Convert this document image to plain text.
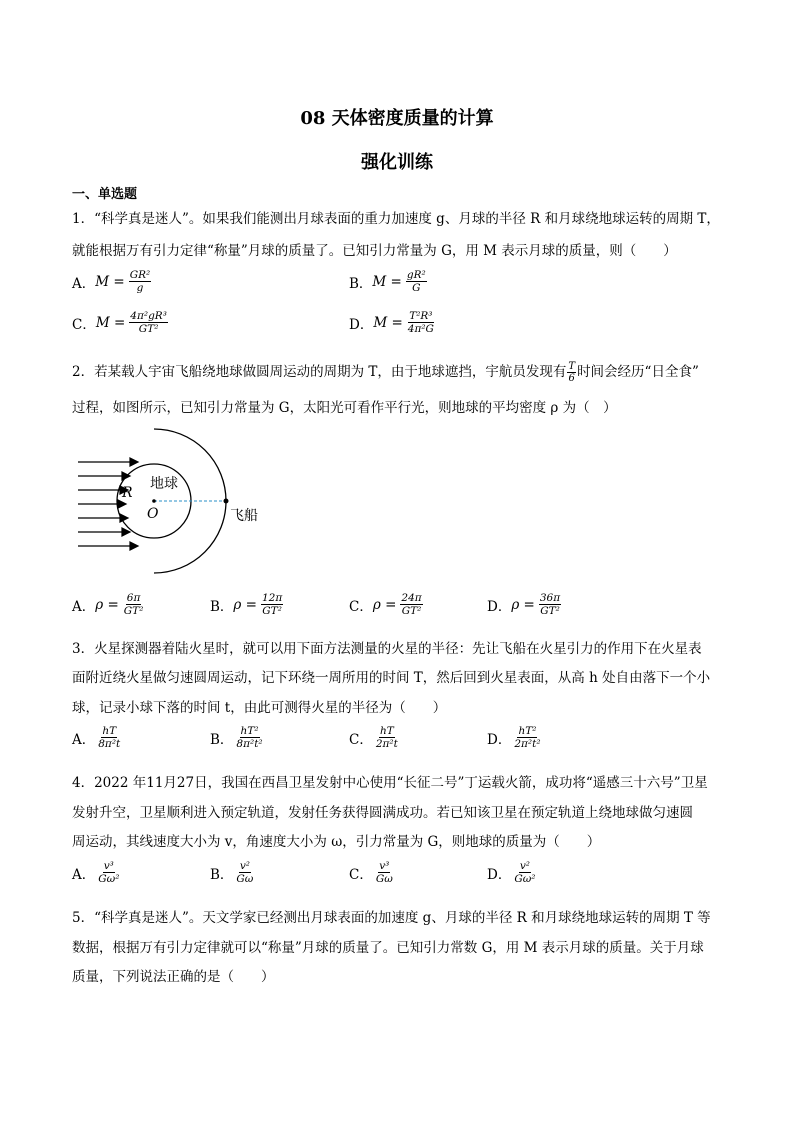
08 天体密度质量的计算
强化训练
一、单选题
1．“科学真是迷人”。如果我们能测出月球表面的重力加速度 g、月球的半径 R 和月球绕地球运转的周期 T，
就能根据万有引力定律“称量”月球的质量了。已知引力常量为 G，用 M 表示月球的质量，则（　　）
A． $M = \frac{\text{GR²}}{g}$	B． $M = \frac{\text{gR²}}{G}$
C． $M = \frac{\text{4π²gR³}}{\text{GT²}}$	D． $M = \frac{\text{T²R³}}{\text{4π²G}}$
2．若某载人宇宙飞船绕地球做圆周运动的周期为 T，由于地球遮挡，宇航员发现有 $\frac{T}{6}$ 时间会经历“日全食”
过程，如图所示，已知引力常量为 G，太阳光可看作平行光，则地球的平均密度 ρ 为（　）
地球
R
O	飞船
A． $\rho = \frac{6\pi}{\text{GT²}}$	B． $\rho = \frac{12\pi}{\text{GT²}}$	C． $\rho = \frac{24\pi}{\text{GT²}}$	D． $\rho = \frac{36\pi}{\text{GT²}}$
3．火星探测器着陆火星时，就可以用下面方法测量的火星的半径：先让飞船在火星引力的作用下在火星表
面附近绕火星做匀速圆周运动，记下环绕一周所用的时间 T，然后回到火星表面，从高 h 处自由落下一个小
球，记录小球下落的时间 t，由此可测得火星的半径为（　　）
A． $\frac{hT}{\text{8π²t}}$	B． $\frac{\text{hT²}}{\text{8π²t²}}$	C． $\frac{hT}{\text{2π²t}}$	D． $\frac{\text{hT²}}{\text{2π²t²}}$
4．2022 年11月27日，我国在西昌卫星发射中心使用“长征二号”丁运载火箭，成功将“遥感三十六号”卫星
发射升空，卫星顺利进入预定轨道，发射任务获得圆满成功。若已知该卫星在预定轨道上绕地球做匀速圆
周运动，其线速度大小为 v，角速度大小为 ω，引力常量为 G，则地球的质量为（　　）
A． $\frac{\text{v³}}{\text{Gω²}}$	B． $\frac{\text{v²}}{G\omega}$	C． $\frac{\text{v³}}{G\omega}$	D． $\frac{\text{v²}}{\text{Gω²}}$
5．“科学真是迷人”。天文学家已经测出月球表面的加速度 g、月球的半径 R 和月球绕地球运转的周期 T 等
数据，根据万有引力定律就可以“称量”月球的质量了。已知引力常数 G，用 M 表示月球的质量。关于月球
质量，下列说法正确的是（　　）
